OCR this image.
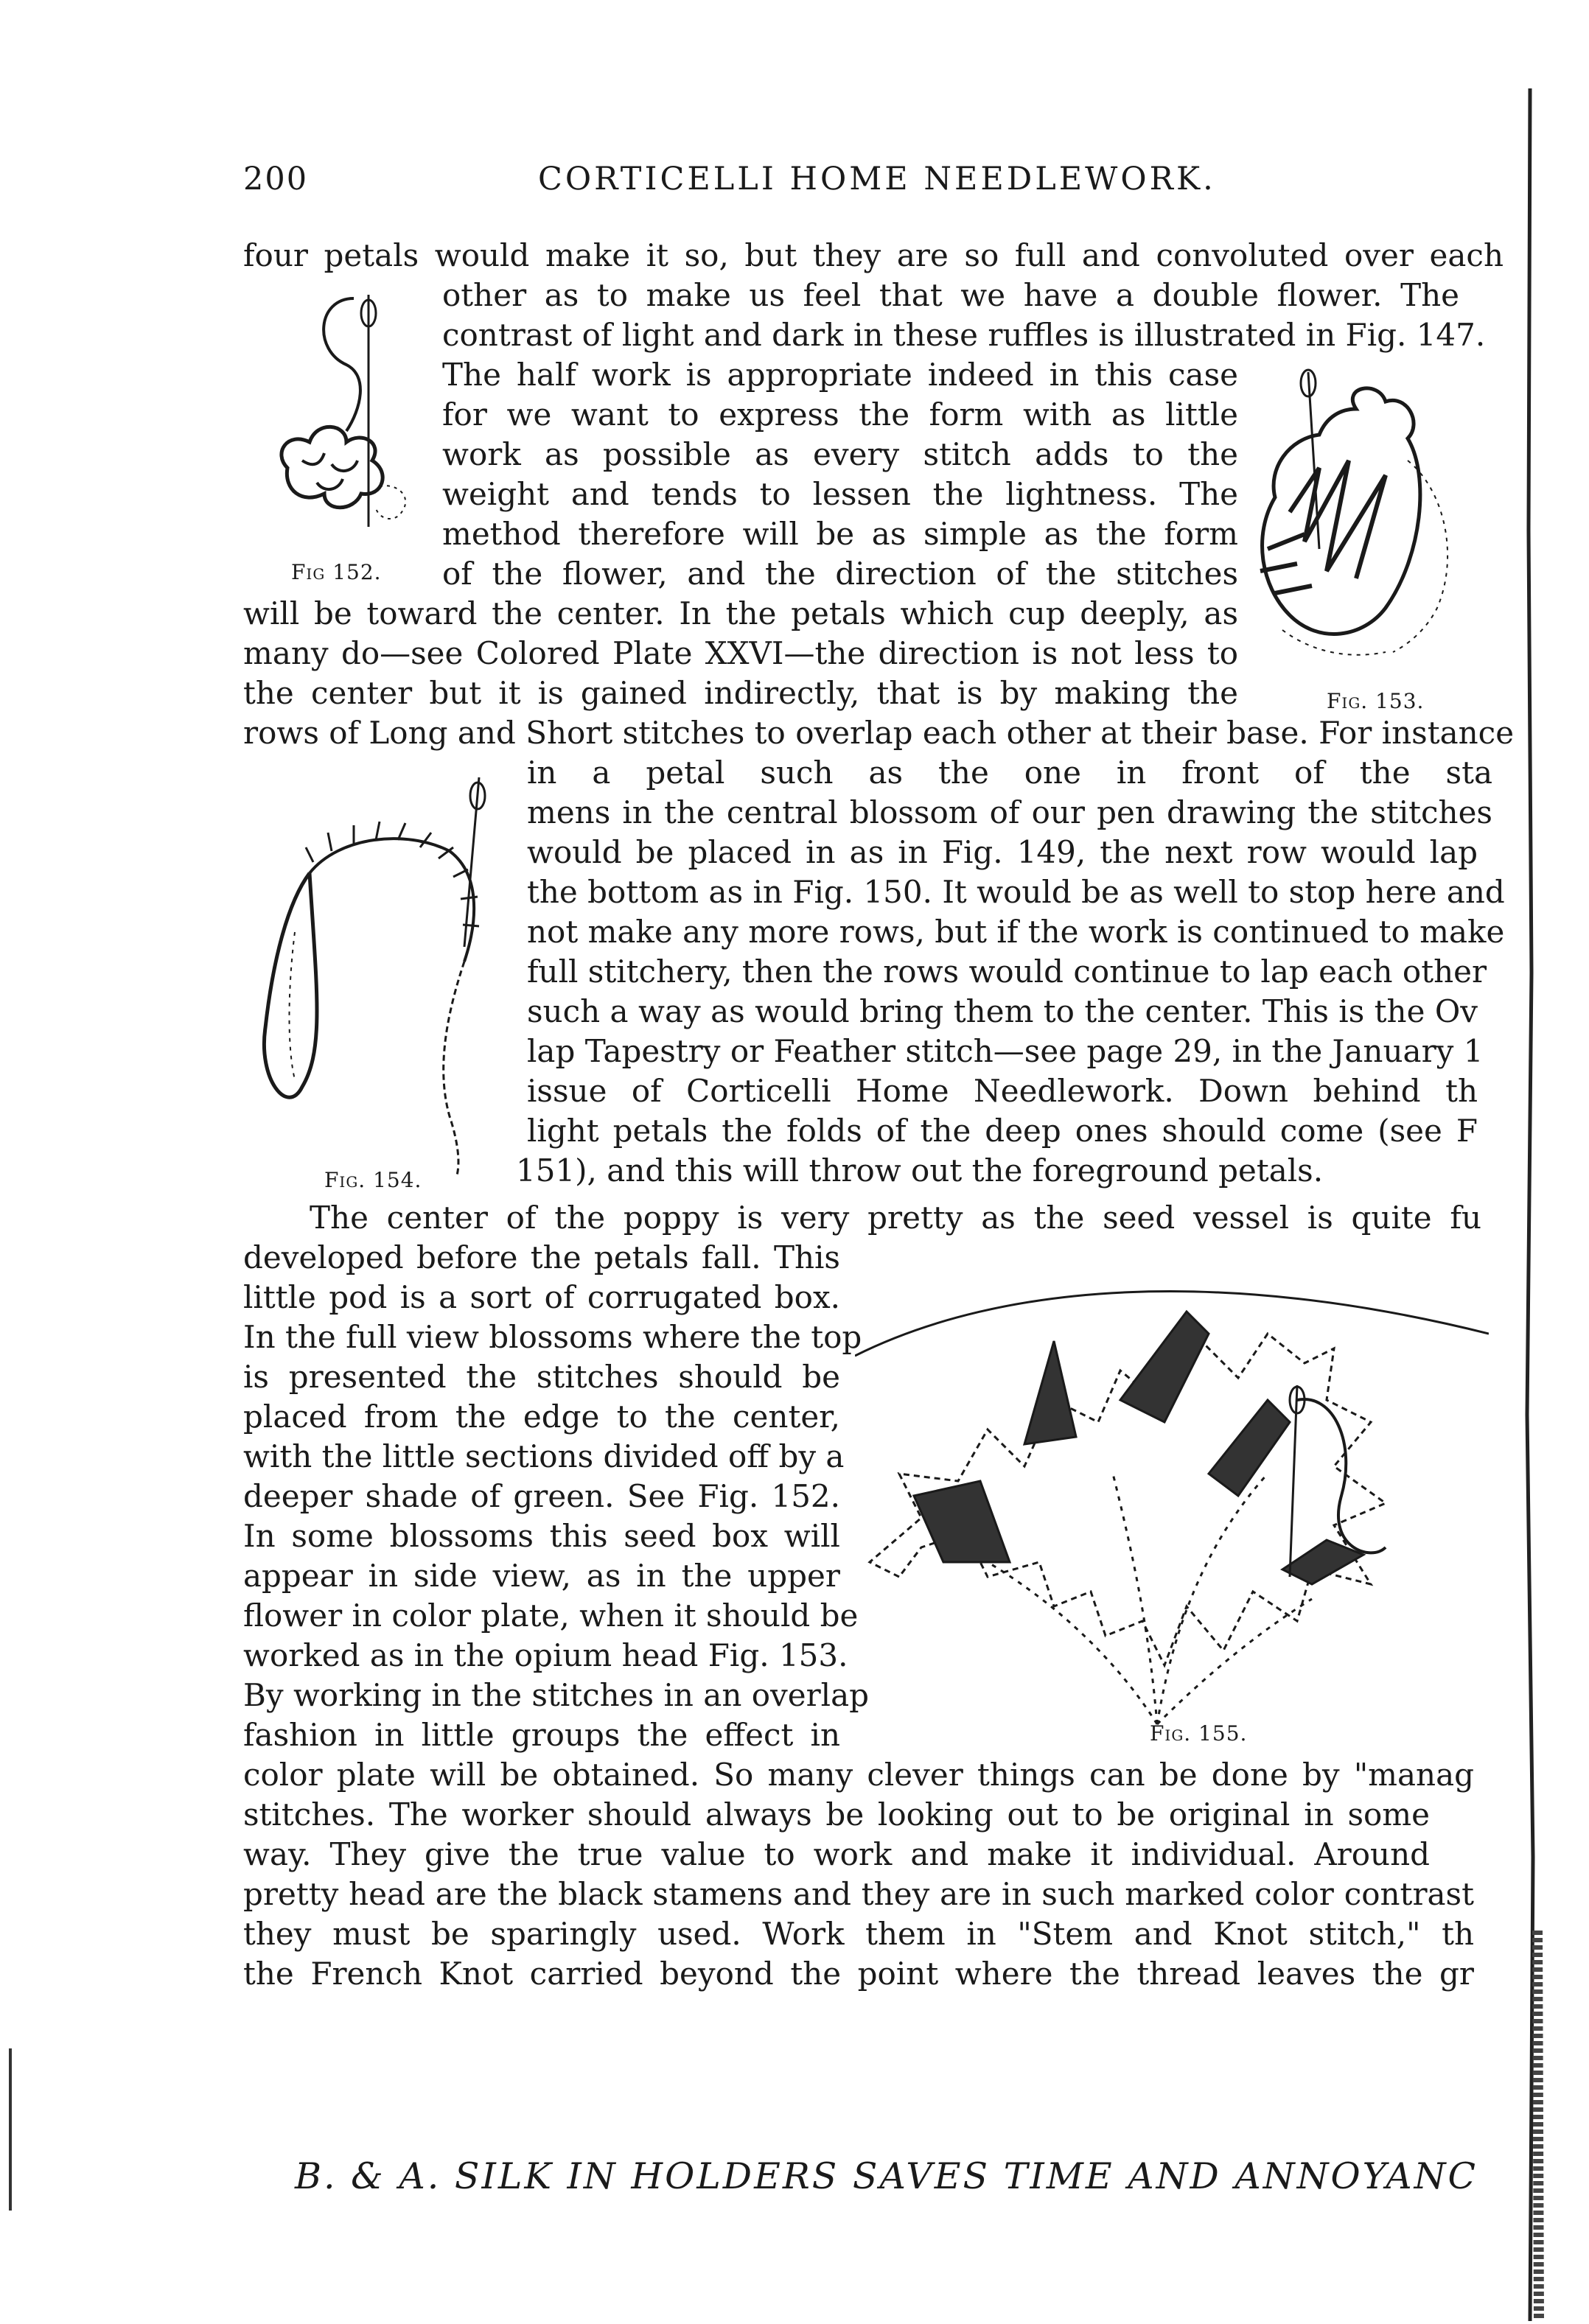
200	CORTICELLI HOME NEEDLEWORK.
four petals would make it so, but they are so full and convoluted over each
other as to make us feel that we have a double flower. The
contrast of light and dark in these ruffles is illustrated in Fig. 147.
The half work is appropriate indeed in this case
for we want to express the form with as little
work as possible as every stitch adds to the
weight and tends to lessen the lightness. The
method therefore will be as simple as the form
of the flower, and the direction of the stitches
will be toward the center. In the petals which cup deeply, as
many do—see Colored Plate XXVI—the direction is not less to
the center but it is gained indirectly, that is by making the
rows of Long and Short stitches to overlap each other at their base. For instance
in a petal such as the one in front of the sta
mens in the central blossom of our pen drawing the stitches
would be placed in as in Fig. 149, the next row would lap
the bottom as in Fig. 150. It would be as well to stop here and
not make any more rows, but if the work is continued to make
full stitchery, then the rows would continue to lap each other
such a way as would bring them to the center. This is the Ov
lap Tapestry or Feather stitch—see page 29, in the January 1
issue of Corticelli Home Needlework. Down behind th
light petals the folds of the deep ones should come (see F
151), and this will throw out the foreground petals.
The center of the poppy is very pretty as the seed vessel is quite fu
developed before the petals fall. This
little pod is a sort of corrugated box.
In the full view blossoms where the top
is presented the stitches should be
placed from the edge to the center,
with the little sections divided off by a
deeper shade of green. See Fig. 152.
In some blossoms this seed box will
appear in side view, as in the upper
flower in color plate, when it should be
worked as in the opium head Fig. 153.
By working in the stitches in an overlap
fashion in little groups the effect in
color plate will be obtained. So many clever things can be done by "manag
stitches. The worker should always be looking out to be original in some
way. They give the true value to work and make it individual. Around
pretty head are the black stamens and they are in such marked color contrast
they must be sparingly used. Work them in "Stem and Knot stitch," th
the French Knot carried beyond the point where the thread leaves the gr
Fig 152.
Fig. 153.
Fig. 154.
Fig. 155.
B. & A. SILK IN HOLDERS SAVES TIME AND ANNOYANC
